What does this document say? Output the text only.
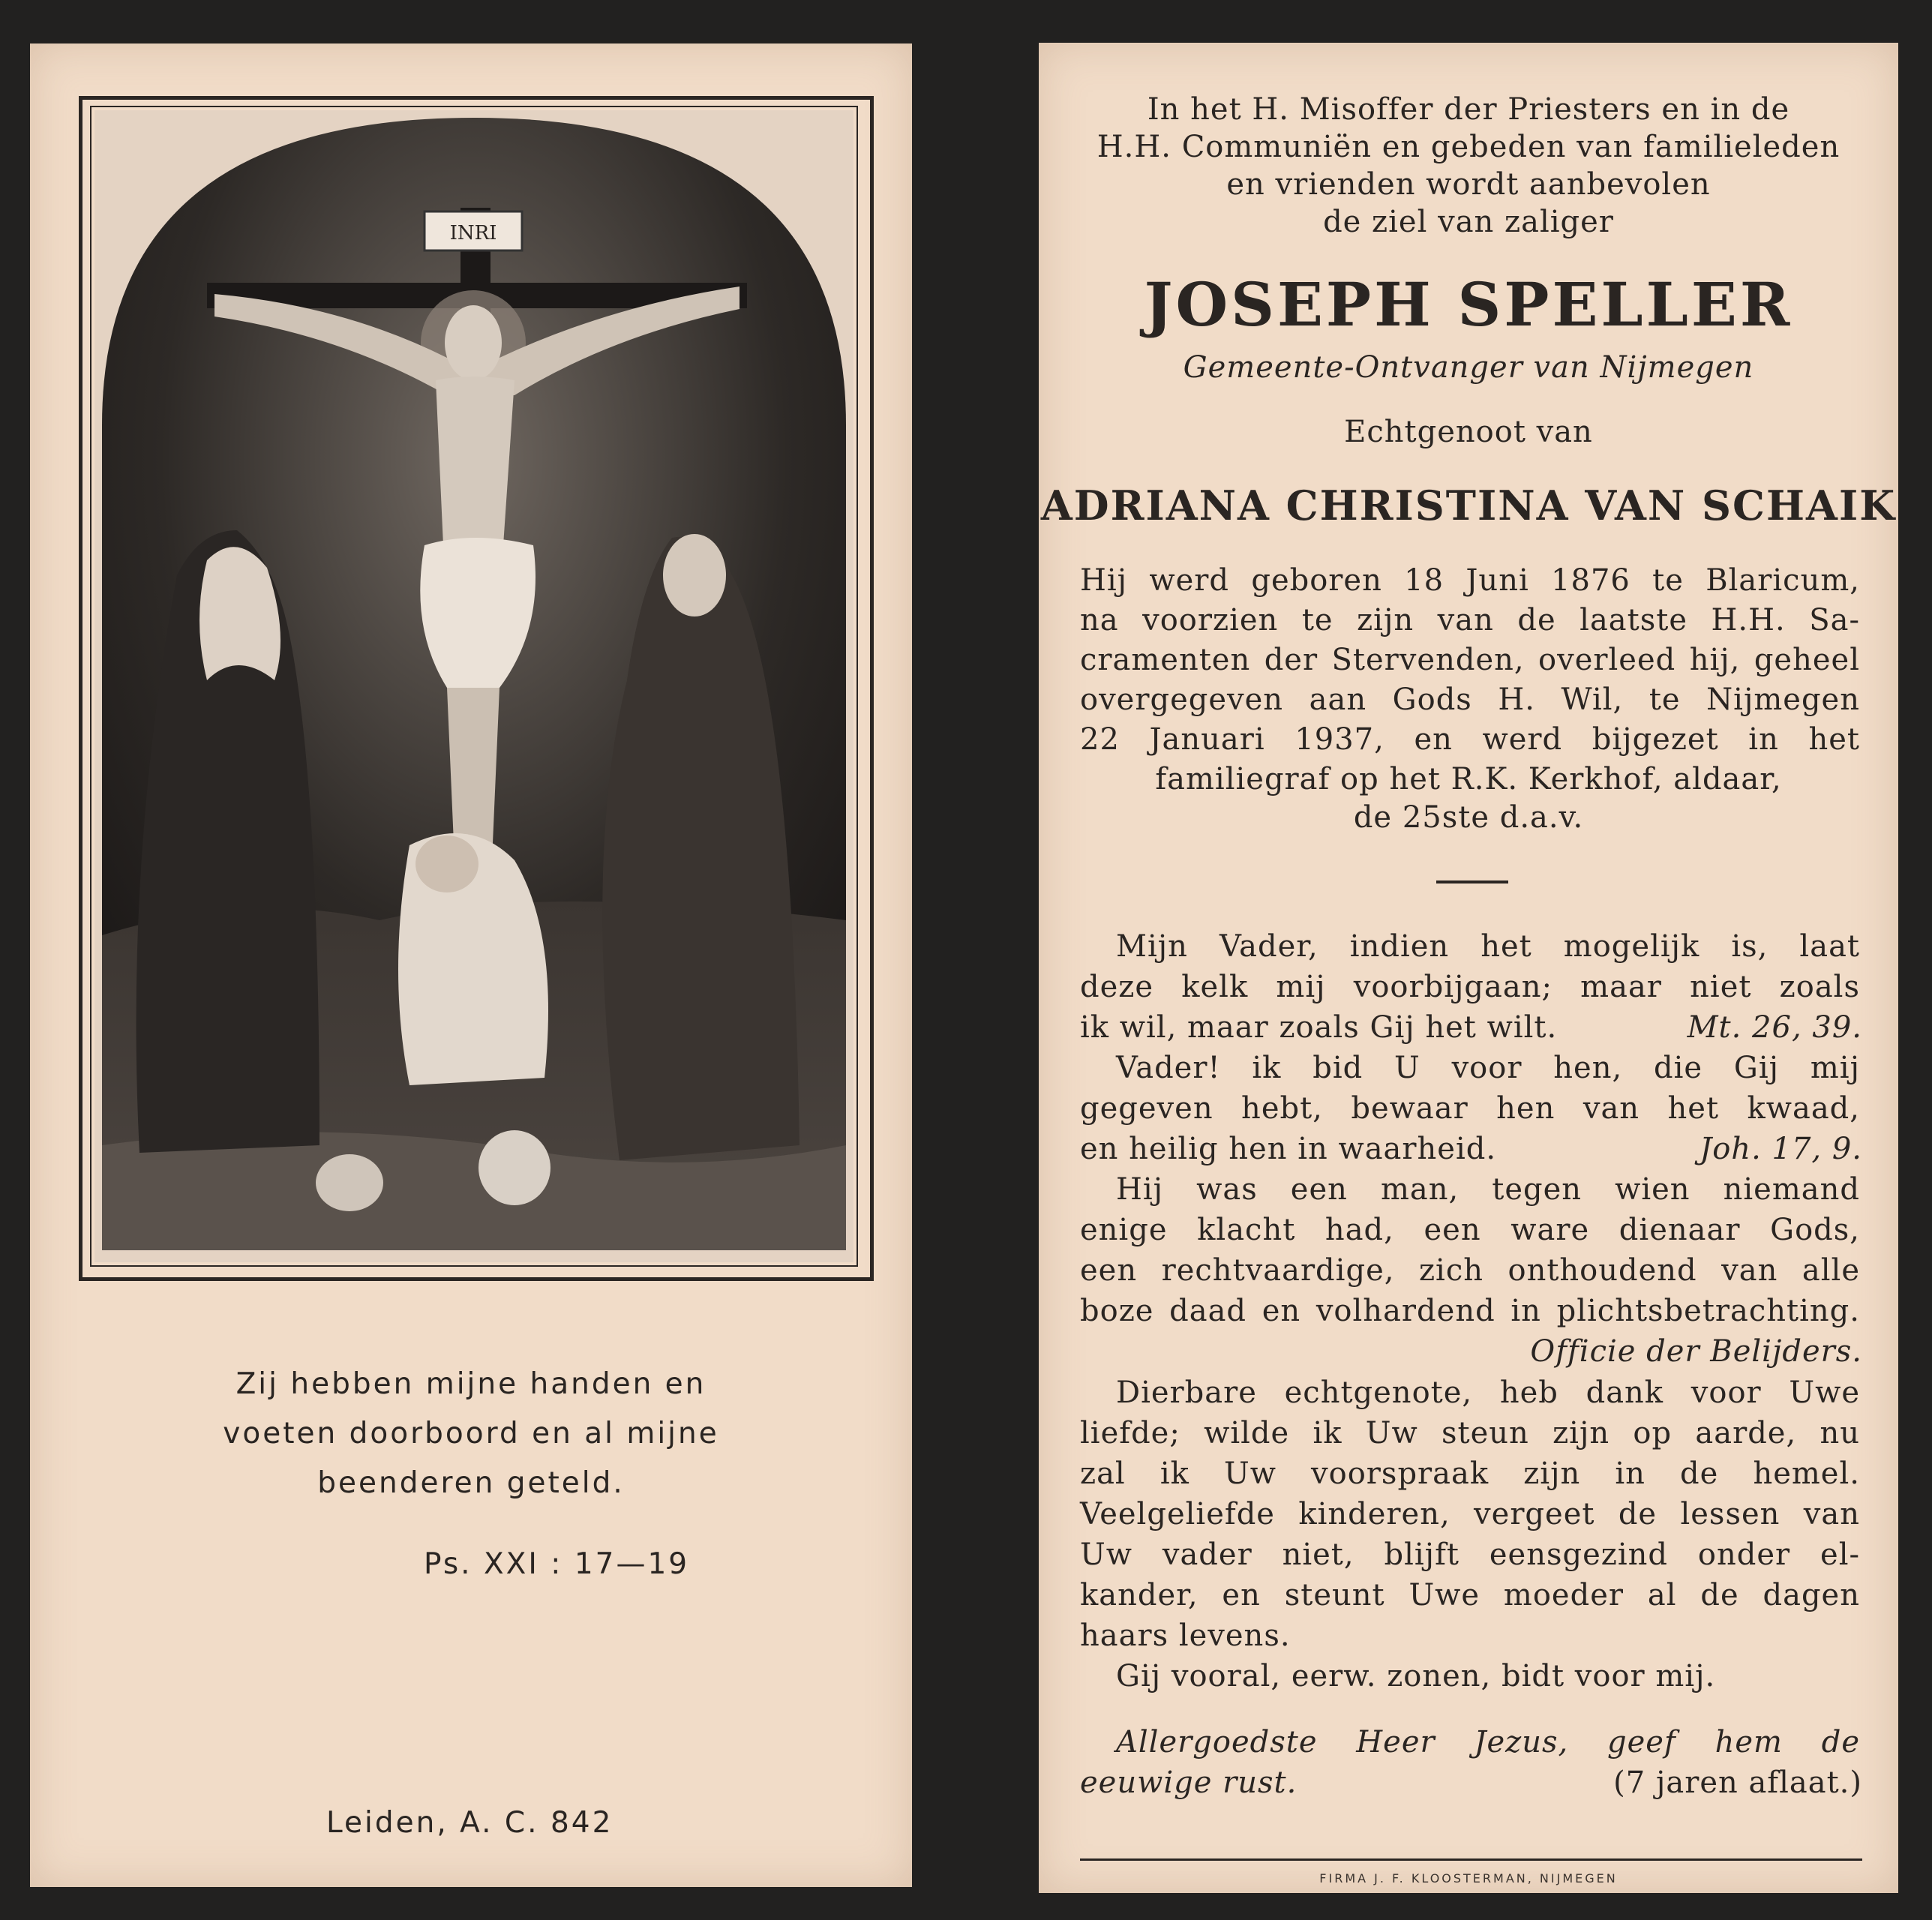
INRI
Zij hebben mijne handen en
voeten doorboord en al mijne
beenderen geteld.
Ps. XXI : 17—19
Leiden, A. C. 842
In het H. Misoffer der Priesters en in de
H.H. Communiën en gebeden van familieleden
en vrienden wordt aanbevolen
de ziel van zaliger
JOSEPH SPELLER
Gemeente-Ontvanger van Nijmegen
Echtgenoot van
ADRIANA CHRISTINA VAN SCHAIK
Hij werd geboren 18 Juni 1876 te Blaricum,
na voorzien te zijn van de laatste H.H. Sa-
cramenten der Stervenden, overleed hij, geheel
overgegeven aan Gods H. Wil, te Nijmegen
22 Januari 1937, en werd bijgezet in het
familiegraf op het R.K. Kerkhof, aldaar,
de 25ste d.a.v.
Mijn Vader, indien het mogelijk is, laat
deze kelk mij voorbijgaan; maar niet zoals
ik wil, maar zoals Gij het wilt.	Mt. 26, 39.
Vader! ik bid U voor hen, die Gij mij
gegeven hebt, bewaar hen van het kwaad,
en heilig hen in waarheid.	Joh. 17, 9.
Hij was een man, tegen wien niemand
enige klacht had, een ware dienaar Gods,
een rechtvaardige, zich onthoudend van alle
boze daad en volhardend in plichtsbetrachting.
Officie der Belijders.
Dierbare echtgenote, heb dank voor Uwe
liefde; wilde ik Uw steun zijn op aarde, nu
zal ik Uw voorspraak zijn in de hemel.
Veelgeliefde kinderen, vergeet de lessen van
Uw vader niet, blijft eensgezind onder el-
kander, en steunt Uwe moeder al de dagen
haars levens.
Gij vooral, eerw. zonen, bidt voor mij.
Allergoedste Heer Jezus, geef hem de
eeuwige rust.	(7 jaren aflaat.)
FIRMA J. F. KLOOSTERMAN, NIJMEGEN
